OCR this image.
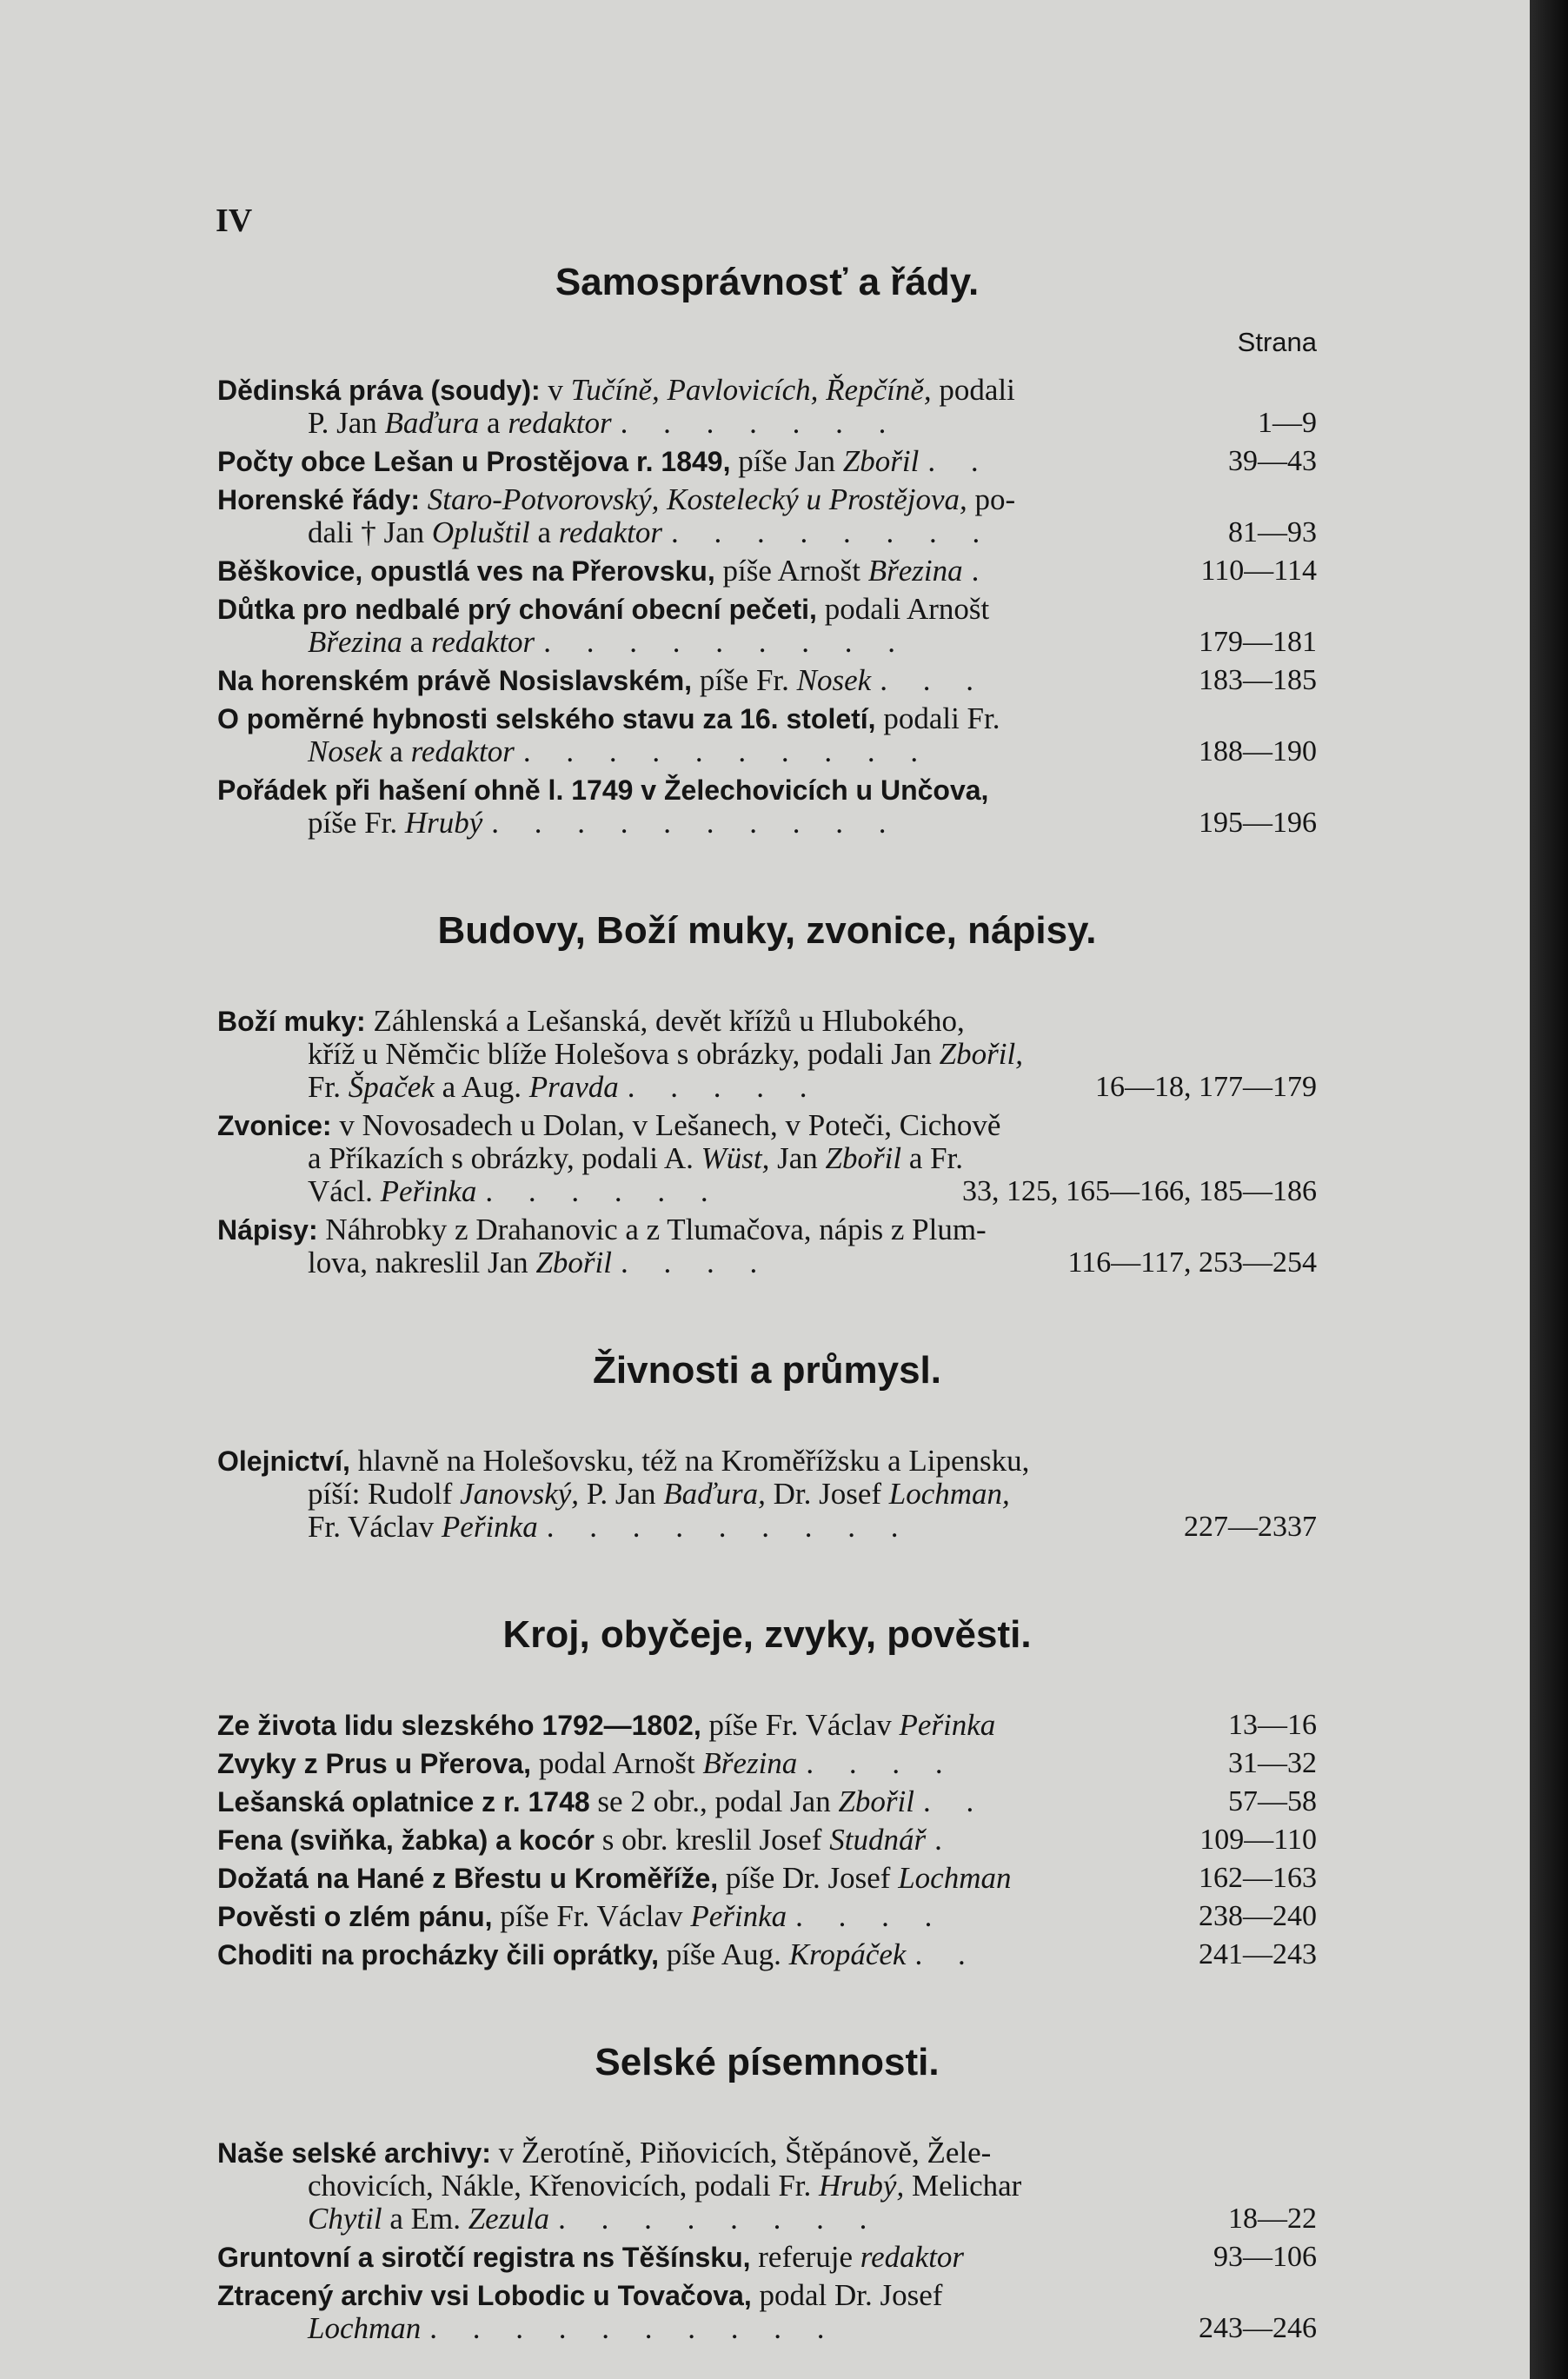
IV
Samosprávnosť a řády.
Strana
Dědinská práva (soudy): v Tučíně, Pavlovicích, Řepčíně, podali
P. Jan Baďura a redaktor . . . . . . .	1—9
Počty obce Lešan u Prostějova r. 1849, píše Jan Zbořil . .	39—43
Horenské řády: Staro-Potvorovský, Kostelecký u Prostějova, po-
dali † Jan Opluštil a redaktor . . . . . . . .	81—93
Běškovice, opustlá ves na Přerovsku, píše Arnošt Březina .	110—114
Důtka pro nedbalé prý chování obecní pečeti, podali Arnošt
Březina a redaktor . . . . . . . . .	179—181
Na horenském právě Nosislavském, píše Fr. Nosek . . .	183—185
O poměrné hybnosti selského stavu za 16. století, podali Fr.
Nosek a redaktor . . . . . . . . . .	188—190
Pořádek při hašení ohně l. 1749 v Želechovicích u Unčova,
píše Fr. Hrubý . . . . . . . . . .	195—196
Budovy, Boží muky, zvonice, nápisy.
Boží muky: Záhlenská a Lešanská, devět křížů u Hlubokého,
kříž u Němčic blíže Holešova s obrázky, podali Jan Zbořil,
Fr. Špaček a Aug. Pravda . . . . .	16—18, 177—179
Zvonice: v Novosadech u Dolan, v Lešanech, v Poteči, Cichově
a Příkazích s obrázky, podali A. Wüst, Jan Zbořil a Fr.
Václ. Peřinka . . . . . .	33, 125, 165—166, 185—186
Nápisy: Náhrobky z Drahanovic a z Tlumačova, nápis z Plum-
lova, nakreslil Jan Zbořil . . . .	116—117, 253—254
Živnosti a průmysl.
Olejnictví, hlavně na Holešovsku, též na Kroměřížsku a Lipensku,
píší: Rudolf Janovský, P. Jan Baďura, Dr. Josef Lochman,
Fr. Václav Peřinka . . . . . . . . .	227—2337
Kroj, obyčeje, zvyky, pověsti.
Ze života lidu slezského 1792—1802, píše Fr. Václav Peřinka	13—16
Zvyky z Prus u Přerova, podal Arnošt Březina . . . .	31—32
Lešanská oplatnice z r. 1748 se 2 obr., podal Jan Zbořil . .	57—58
Fena (sviňka, žabka) a kocór s obr. kreslil Josef Studnář .	109—110
Dožatá na Hané z Břestu u Kroměříže, píše Dr. Josef Lochman	162—163
Pověsti o zlém pánu, píše Fr. Václav Peřinka . . . .	238—240
Choditi na procházky čili oprátky, píše Aug. Kropáček . .	241—243
Selské písemnosti.
Naše selské archivy: v Žerotíně, Piňovicích, Štěpánově, Žele-
chovicích, Nákle, Křenovicích, podali Fr. Hrubý, Melichar
Chytil a Em. Zezula . . . . . . . .	18—22
Gruntovní a sirotčí registra ns Těšínsku, referuje redaktor	93—106
Ztracený archiv vsi Lobodic u Tovačova, podal Dr. Josef
Lochman . . . . . . . . . .	243—246
